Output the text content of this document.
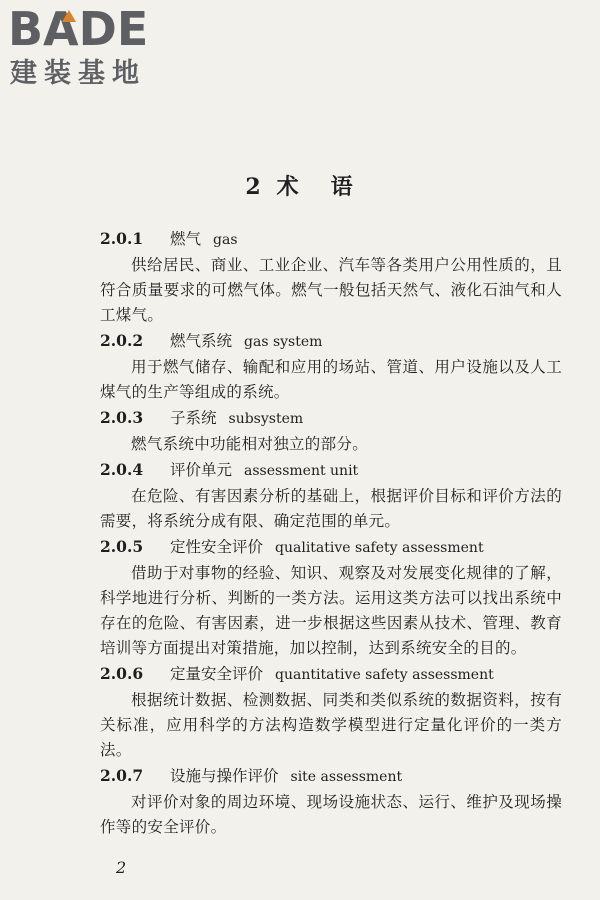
BADE
建装基地
2 术 语

2.0.1 燃气 gas

供给居民、商业、工业企业、汽车等各类用户公用性质的，且符合质量要求的可燃气体。燃气一般包括天然气、液化石油气和人工煤气。

2.0.2 燃气系统 gas system

用于燃气储存、输配和应用的场站、管道、用户设施以及人工煤气的生产等组成的系统。

2.0.3 子系统 subsystem

燃气系统中功能相对独立的部分。

2.0.4 评价单元 assessment unit

在危险、有害因素分析的基础上，根据评价目标和评价方法的需要，将系统分成有限、确定范围的单元。

2.0.5 定性安全评价 qualitative safety assessment

借助于对事物的经验、知识、观察及对发展变化规律的了解，科学地进行分析、判断的一类方法。运用这类方法可以找出系统中存在的危险、有害因素，进一步根据这些因素从技术、管理、教育培训等方面提出对策措施，加以控制，达到系统安全的目的。

2.0.6 定量安全评价 quantitative safety assessment

根据统计数据、检测数据、同类和类似系统的数据资料，按有关标准，应用科学的方法构造数学模型进行定量化评价的一类方法。

2.0.7 设施与操作评价 site assessment

对评价对象的周边环境、现场设施状态、运行、维护及现场操作等的安全评价。

2
